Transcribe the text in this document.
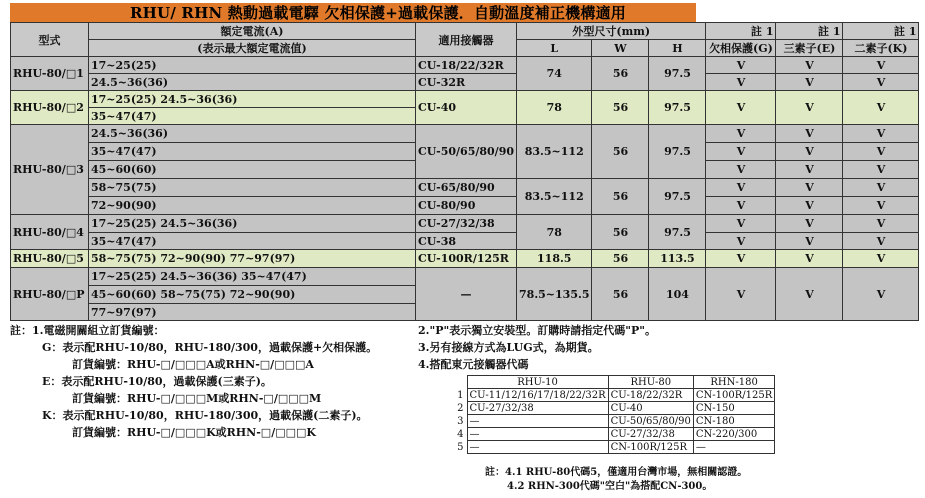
RHU/ RHN 熱動過載電驛 欠相保護+過載保護．自動溫度補正機構適用
型式	額定電流(A)	適用接觸器	外型尺寸(mm)			註 1	註 1	註 1
	(表示最大額定電流值)		L	W	H	欠相保護(G)	三素子(E)	二素子(K)
RHU-80/□1	17~25(25)	CU-18/22/32R	74	56	97.5	V	V	V
	24.5~36(36)	CU-32R				V	V	V
RHU-80/□2	17~25(25) 24.5~36(36)	CU-40	78	56	97.5	V	V	V
	35~47(47)							
RHU-80/□3	24.5~36(36)	CU-50/65/80/90	83.5~112	56	97.5	V	V	V
	35~47(47)					V	V	V
	45~60(60)					V	V	V
	58~75(75)	CU-65/80/90	83.5~112	56	97.5	V	V	V
	72~90(90)	CU-80/90				V	V	V
RHU-80/□4	17~25(25) 24.5~36(36)	CU-27/32/38	78	56	97.5	V	V	V
	35~47(47)	CU-38				V	V	V
RHU-80/□5	58~75(75) 72~90(90) 77~97(97)	CU-100R/125R	118.5	56	113.5	V	V	V
RHU-80/□P	17~25(25) 24.5~36(36) 35~47(47)	—	78.5~135.5	56	104	V	V	V
	45~60(60) 58~75(75) 72~90(90)							
	77~97(97)							
註：1.電磁開關組立訂貨編號：
G：表示配RHU-10/80，RHU-180/300，過載保護+欠相保護。
訂貨編號：RHU-□/□□□A或RHN-□/□□□A
E：表示配RHU-10/80，過載保護(三素子)。
訂貨編號：RHU-□/□□□M或RHN-□/□□□M
K：表示配RHU-10/80，RHU-180/300，過載保護(二素子)。
訂貨編號：RHU-□/□□□K或RHN-□/□□□K
2."P"表示獨立安裝型。訂購時請指定代碼"P"。
3.另有接線方式為LUG式，為期貨。
4.搭配東元接觸器代碼
	RHU-10	RHU-80	RHN-180
1	CU-11/12/16/17/18/22/32R	CU-18/22/32R	CN-100R/125R
2	CU-27/32/38	CU-40	CN-150
3	—	CU-50/65/80/90	CN-180
4	—	CU-27/32/38	CN-220/300
5	—	CN-100R/125R	—
註：4.1 RHU-80代碼5，僅適用台灣市場，無相關認證。
4.2 RHN-300代碼"空白"為搭配CN-300。
